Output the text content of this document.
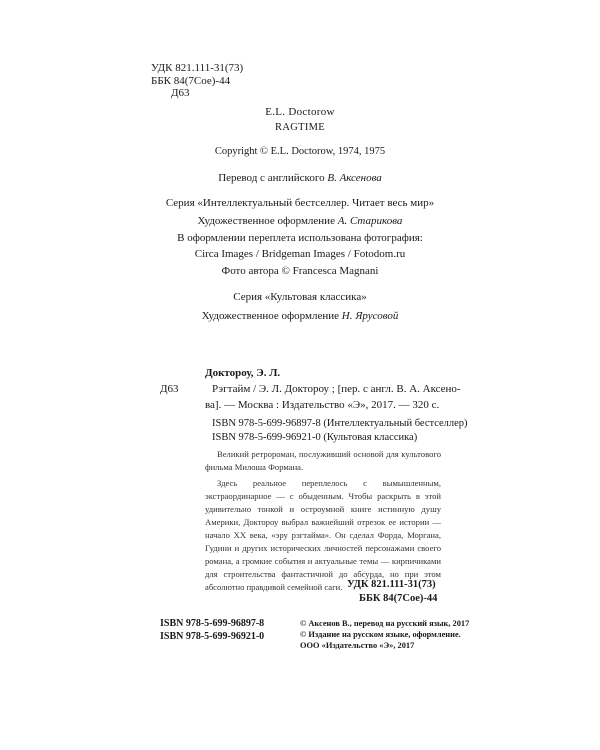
УДК 821.111-31(73)
ББК 84(7Сое)-44
Д63
E.L. Doctorow
RAGTIME
Copyright © E.L. Doctorow, 1974, 1975
Перевод с английского В. Аксенова
Серия «Интеллектуальный бестселлер. Читает весь мир»
Художественное оформление А. Старикова
В оформлении переплета использована фотография:
Circa Images / Bridgeman Images / Fotodom.ru
Фото автора © Francesca Magnani
Серия «Культовая классика»
Художественное оформление Н. Ярусовой
Доктороу, Э. Л.
Д63	Рэгтайм / Э. Л. Доктороу ; [пер. с англ. В. А. Аксено-
ва]. — Москва : Издательство «Э», 2017. — 320 с.
ISBN 978-5-699-96897-8 (Интеллектуальный бестселлер)
ISBN 978-5-699-96921-0 (Культовая классика)

Великий ретророман, послуживший основой для культового фильма Милоша Формана.

Здесь реальное переплелось с вымышленным, экстраординарное — с обыденным. Чтобы раскрыть в этой удивительно тонкой и остроумной книге истинную душу Америки, Доктороу выбрал важнейший отрезок ее истории — начало XX века, «эру рэгтайма». Он сделал Форда, Моргана, Гудини и других исторических личностей персонажами своего романа, а громкие события и актуальные темы — кирпичиками для строительства фантастичной до абсурда, но при этом абсолютно правдивой семейной саги. УДК 821.111-31(73)
ББК 84(7Сое)-44
ISBN 978-5-699-96897-8
ISBN 978-5-699-96921-0
© Аксенов В., перевод на русский язык, 2017
© Издание на русском языке, оформление.
ООО «Издательство «Э», 2017
